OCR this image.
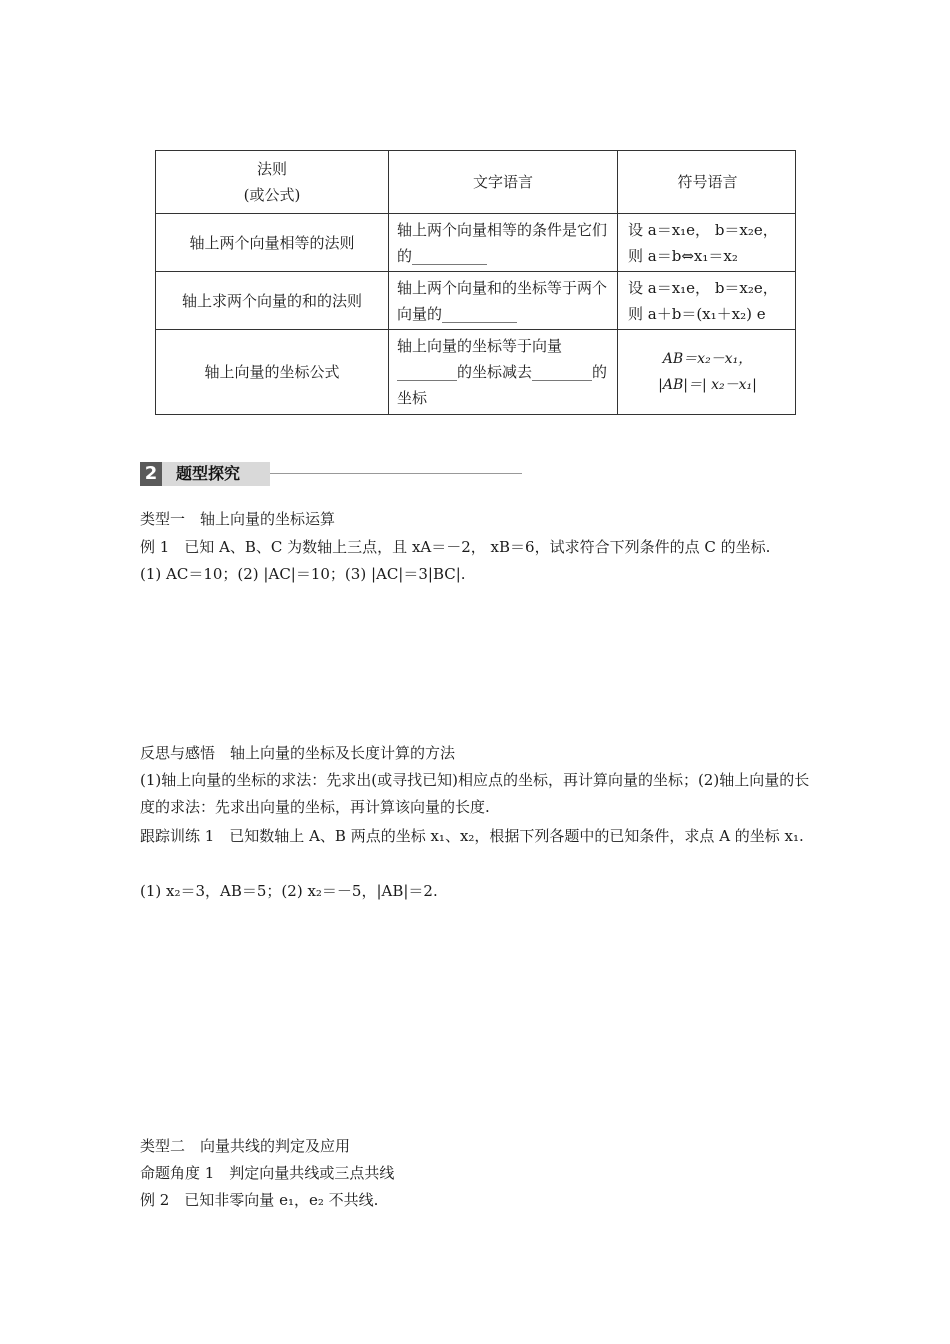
法则
(或公式)	文字语言	符号语言
轴上两个向量相等的法则	轴上两个向量相等的条件是它们的__________	设 a＝x₁e， b＝x₂e，
则 a＝b⇔x₁＝x₂

轴上求两个向量的和的法则	轴上两个向量和的坐标等于两个向量的__________	设 a＝x₁e， b＝x₂e，
则 a＋b＝(x₁＋x₂) e

轴上向量的坐标公式	轴上向量的坐标等于向量________的坐标减去________的坐标	AB＝x₂－x₁，
|AB|＝| x₂－x₁|
2 题型探究
类型一　轴上向量的坐标运算
例 1　已知 A、B、C 为数轴上三点，且 xA＝－2， xB＝6，试求符合下列条件的点 C 的坐标.
(1) AC＝10；(2) |AC|＝10；(3) |AC|＝3|BC|.
反思与感悟　轴上向量的坐标及长度计算的方法
(1)轴上向量的坐标的求法：先求出(或寻找已知)相应点的坐标，再计算向量的坐标；(2)轴上向量的长度的求法：先求出向量的坐标，再计算该向量的长度.
跟踪训练 1　已知数轴上 A、B 两点的坐标 x₁、x₂，根据下列各题中的已知条件，求点 A 的坐标 x₁.
(1) x₂＝3，AB＝5；(2) x₂＝－5，|AB|＝2.
类型二　向量共线的判定及应用
命题角度 1　判定向量共线或三点共线
例 2　已知非零向量 e₁，e₂ 不共线.
